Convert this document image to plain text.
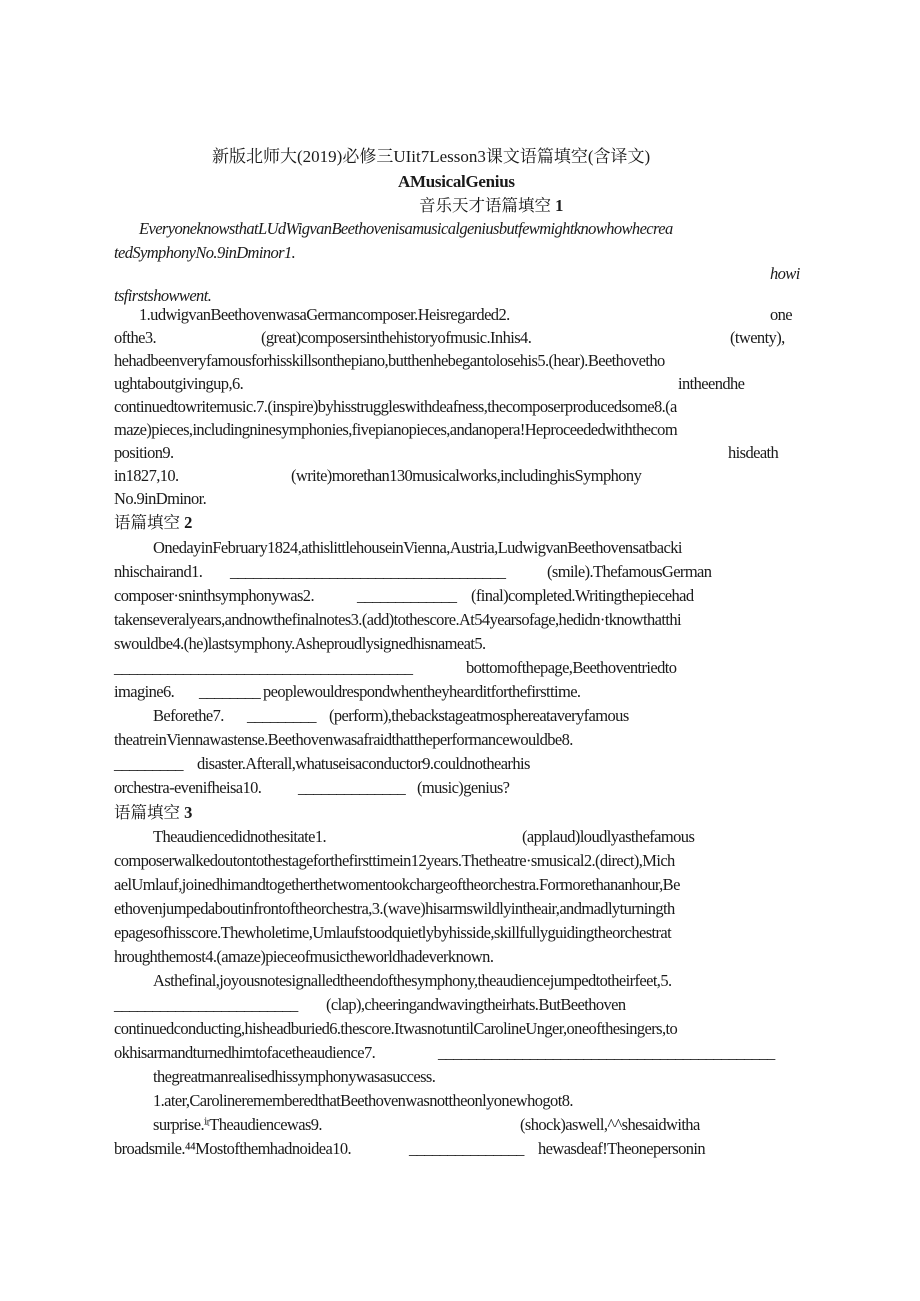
新版北师大(2019)必修三UIit7Lesson3课文语篇填空(含译文)
AMusicalGenius
音乐天才语篇填空 1
EveryoneknowsthatLUdWigvanBeethovenisamusicalgeniusbutfewmightknowhowhecrea
tedSymphonyNo.9inDminor1.
howi
tsfirstshowwent.
1.udwigvanBeethovenwasaGermancomposer.Heisregarded2.	one
ofthe3.	(great)composersinthehistoryofmusic.Inhis4.	(twenty),
hehadbeenveryfamousforhisskillsonthepiano,butthenhebegantolosehis5.(hear).Beethovetho
ughtaboutgivingup,6.	intheendhe
continuedtowritemusic.7.(inspire)byhisstruggleswithdeafness,thecomposerproducedsome8.(a
maze)pieces,includingninesymphonies,fivepianopieces,andanopera!Heproceededwiththecom
position9.	hisdeath
in1827,10.	(write)morethan130musicalworks,includinghisSymphony
No.9inDminor.
语篇填空 2
OnedayinFebruary1824,athislittlehouseinVienna,Austria,LudwigvanBeethovensatbacki
nhischairand1. ____________________________________	(smile).ThefamousGerman
composer·sninthsymphonywas2.	_____________ (final)completed.Writingthepiecehad
takenseveralyears,andnowthefinalnotes3.(add)tothescore.At54yearsofage,hedidn·tknowthatthi
swouldbe4.(he)lastsymphony.Asheproudlysignedhisnameat5.
_______________________________________	bottomofthepage,Beethoventriedto
imagine6. ________ peoplewouldrespondwhentheyhearditforthefirsttime.
Beforethe7. _________ (perform),thebackstageatmosphereataveryfamous
theatreinViennawastense.Beethovenwasafraidthattheperformancewouldbe8.
_________ disaster.Afterall,whatuseisaconductor9.couldnothearhis
orchestra-evenifheisa10. ______________ (music)genius?
语篇填空 3
Theaudiencedidnothesitate1.	(applaud)loudlyasthefamous
composerwalkedoutontothestageforthefirsttimein12years.Thetheatre·smusical2.(direct),Mich
aelUmlauf,joinedhimandtogetherthetwomentookchargeoftheorchestra.Formorethananhour,Be
ethovenjumpedaboutinfrontoftheorchestra,3.(wave)hisarmswildlyintheair,andmadlyturningth
epagesofhisscore.Thewholetime,Umlaufstoodquietlybyhisside,skillfullyguidingtheorchestrat
hroughthemost4.(amaze)pieceofmusictheworldhadeverknown.
Asthefinal,joyousnotesignalledtheendofthesymphony,theaudiencejumpedtotheirfeet,5.
________________________ (clap),cheeringandwavingtheirhats.ButBeethoven
continuedconducting,hisheadburied6.thescore.ItwasnotuntilCarolineUnger,oneofthesingers,to
okhisarmandturnedhimtofacetheaudience7.	____________________________________________
thegreatmanrealisedhissymphonywasasuccess.
1.ater,CarolinerememberedthatBeethovenwasnottheonlyonewhogot8.
surprise.ⁱᵗTheaudiencewas9.	(shock)aswell,^^shesaidwitha
broadsmile.⁴⁴Mostofthemhadnoidea10.	_______________ hewasdeaf!Theonepersonin
